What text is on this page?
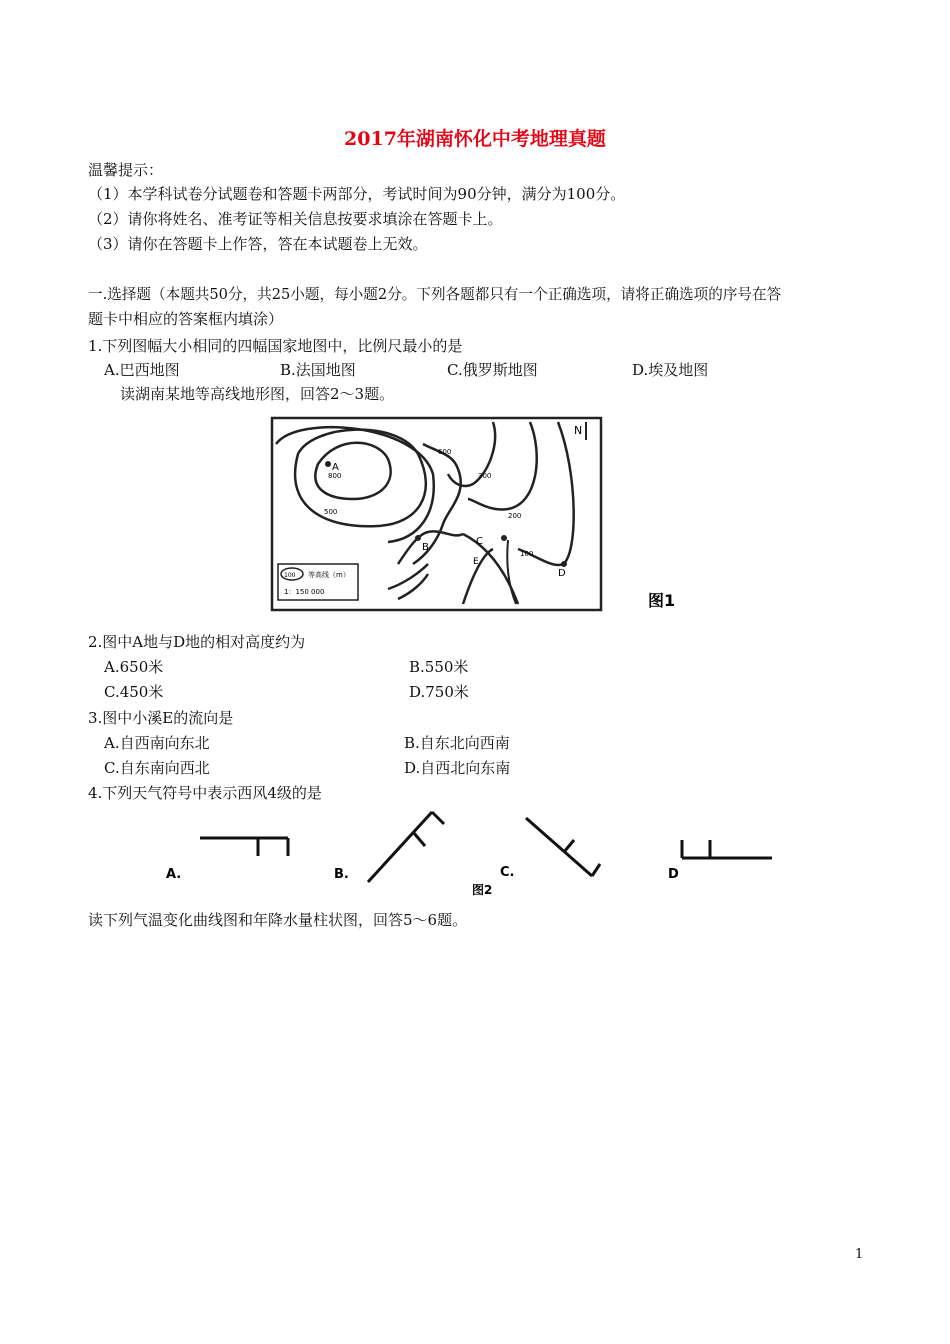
2017年湖南怀化中考地理真题
温馨提示：
（1）本学科试卷分试题卷和答题卡两部分，考试时间为90分钟，满分为100分。
（2）请你将姓名、准考证等相关信息按要求填涂在答题卡上。
（3）请你在答题卡上作答，答在本试题卷上无效。
一.选择题（本题共50分，共25小题，每小题2分。下列各题都只有一个正确选项，请将正确选项的序号在答
题卡中相应的答案框内填涂）
1.下列图幅大小相同的四幅国家地图中，比例尺最小的是
A.巴西地图	B.法国地图	C.俄罗斯地图	D.埃及地图
读湖南某地等高线地形图，回答2～3题。
A
B
C
D
E
800
600
300
200
100
500
N
100 等高线（m）
1：150 000	图1
2.图中A地与D地的相对高度约为
A.650米	B.550米
C.450米	D.750米
3.图中小溪E的流向是
A.自西南向东北	B.自东北向西南
C.自东南向西北	D.自西北向东南
4.下列天气符号中表示西风4级的是
A.	B.	C.	D
图2
读下列气温变化曲线图和年降水量柱状图，回答5～6题。
1
